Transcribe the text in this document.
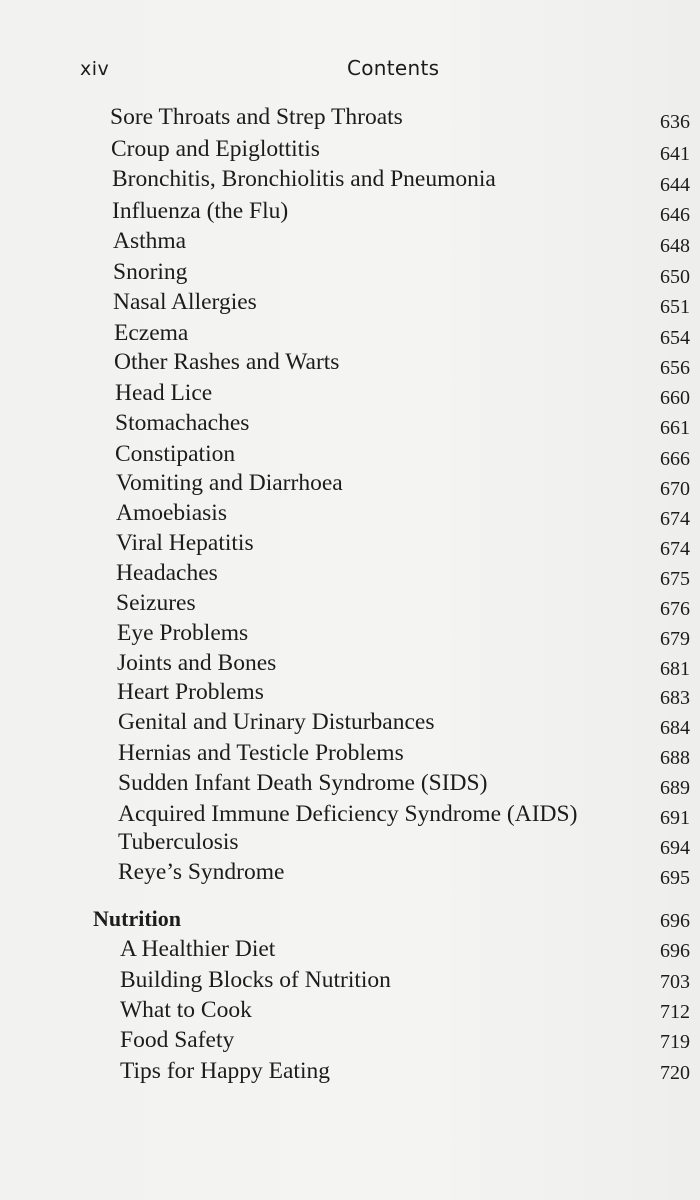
xiv	Contents
Sore Throats and Strep Throats	636
Croup and Epiglottitis	641
Bronchitis, Bronchiolitis and Pneumonia	644
Influenza (the Flu)	646
Asthma	648
Snoring	650
Nasal Allergies	651
Eczema	654
Other Rashes and Warts	656
Head Lice	660
Stomachaches	661
Constipation	666
Vomiting and Diarrhoea	670
Amoebiasis	674
Viral Hepatitis	674
Headaches	675
Seizures	676
Eye Problems	679
Joints and Bones	681
Heart Problems	683
Genital and Urinary Disturbances	684
Hernias and Testicle Problems	688
Sudden Infant Death Syndrome (SIDS)	689
Acquired Immune Deficiency Syndrome (AIDS)	691
Tuberculosis	694
Reye’s Syndrome	695
Nutrition	696
A Healthier Diet	696
Building Blocks of Nutrition	703
What to Cook	712
Food Safety	719
Tips for Happy Eating	720
